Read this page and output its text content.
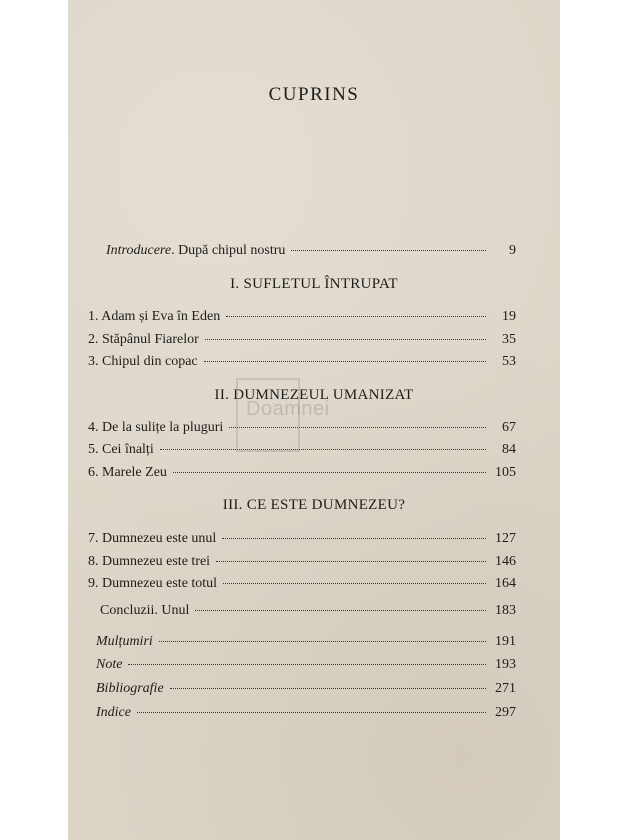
CUPRINS
Introducere. După chipul nostru	9
I. SUFLETUL ÎNTRUPAT
1. Adam și Eva în Eden	19
2. Stăpânul Fiarelor	35
3. Chipul din copac	53
II. DUMNEZEUL UMANIZAT
4. De la sulițe la pluguri	67
5. Cei înalți	84
6. Marele Zeu	105
III. CE ESTE DUMNEZEU?
7. Dumnezeu este unul	127
8. Dumnezeu este trei	146
9. Dumnezeu este totul	164
Concluzii. Unul	183
Mulțumiri	191
Note	193
Bibliografie	271
Indice	297
Doamnei
